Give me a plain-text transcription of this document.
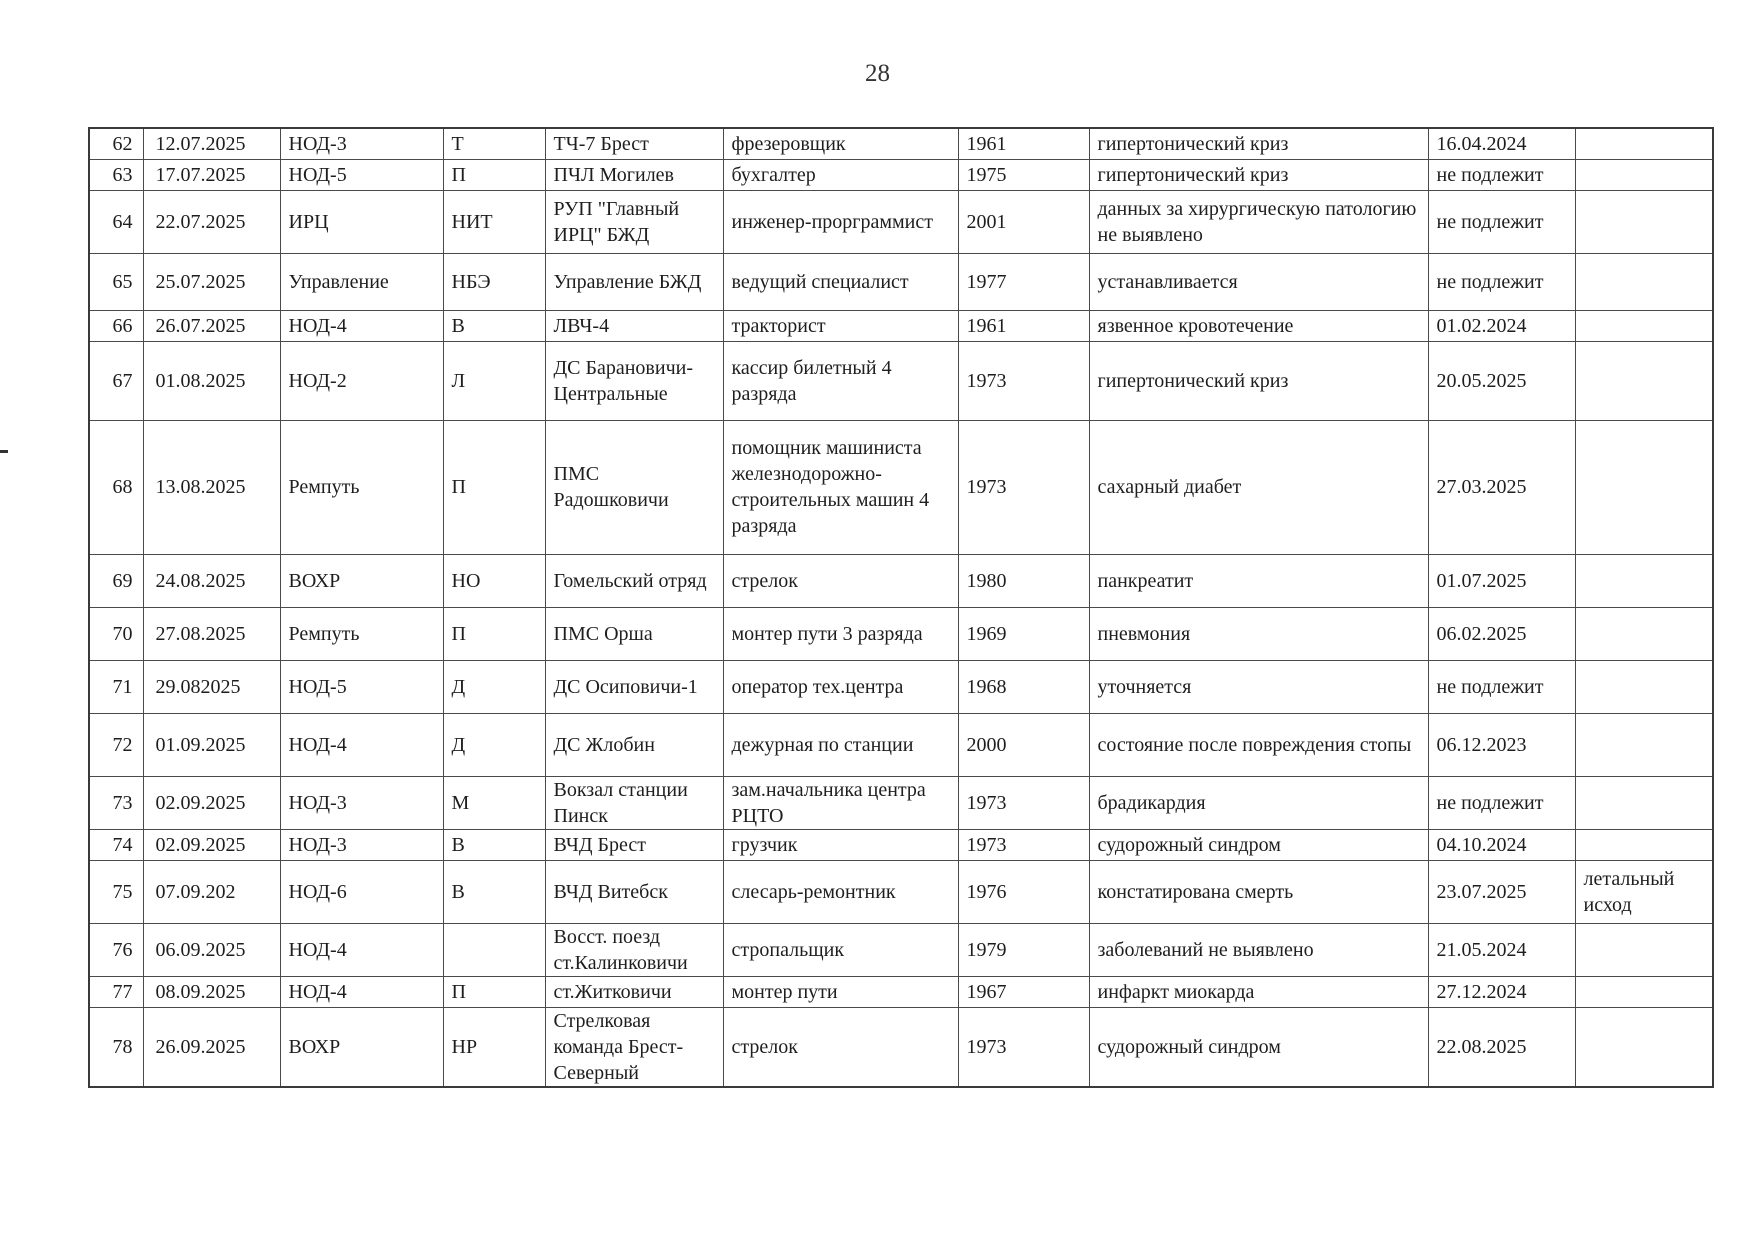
28
62	12.07.2025	НОД-3	Т	ТЧ-7 Брест	фрезеровщик	1961	гипертонический криз	16.04.2024	
63	17.07.2025	НОД-5	П	ПЧЛ Могилев	бухгалтер	1975	гипертонический криз	не подлежит	
64	22.07.2025	ИРЦ	НИТ	РУП "Главный ИРЦ" БЖД	инженер-прорграммист	2001	данных за хирургическую патологию не выявлено	не подлежит	
65	25.07.2025	Управление	НБЭ	Управление БЖД	ведущий специалист	1977	устанавливается	не подлежит	
66	26.07.2025	НОД-4	В	ЛВЧ-4	тракторист	1961	язвенное кровотечение	01.02.2024	
67	01.08.2025	НОД-2	Л	ДС Барановичи-Центральные	кассир билетный 4 разряда	1973	гипертонический криз	20.05.2025	
68	13.08.2025	Ремпуть	П	ПМС Радошковичи	помощник машиниста железнодорожно-строительных машин 4 разряда	1973	сахарный диабет	27.03.2025	
69	24.08.2025	ВОХР	НО	Гомельский отряд	стрелок	1980	панкреатит	01.07.2025	
70	27.08.2025	Ремпуть	П	ПМС Орша	монтер пути 3 разряда	1969	пневмония	06.02.2025	
71	29.082025	НОД-5	Д	ДС Осиповичи-1	оператор тех.центра	1968	уточняется	не подлежит	
72	01.09.2025	НОД-4	Д	ДС Жлобин	дежурная по станции	2000	состояние после повреждения стопы	06.12.2023	
73	02.09.2025	НОД-3	М	Вокзал станции Пинск	зам.начальника центра РЦТО	1973	брадикардия	не подлежит	
74	02.09.2025	НОД-3	В	ВЧД Брест	грузчик	1973	судорожный синдром	04.10.2024	
75	07.09.202	НОД-6	В	ВЧД Витебск	слесарь-ремонтник	1976	констатирована смерть	23.07.2025	летальный исход
76	06.09.2025	НОД-4		Восст. поезд ст.Калинковичи	стропальщик	1979	заболеваний не выявлено	21.05.2024	
77	08.09.2025	НОД-4	П	ст.Житковичи	монтер пути	1967	инфаркт миокарда	27.12.2024	
78	26.09.2025	ВОХР	НР	Стрелковая команда Брест-Северный	стрелок	1973	судорожный синдром	22.08.2025	
